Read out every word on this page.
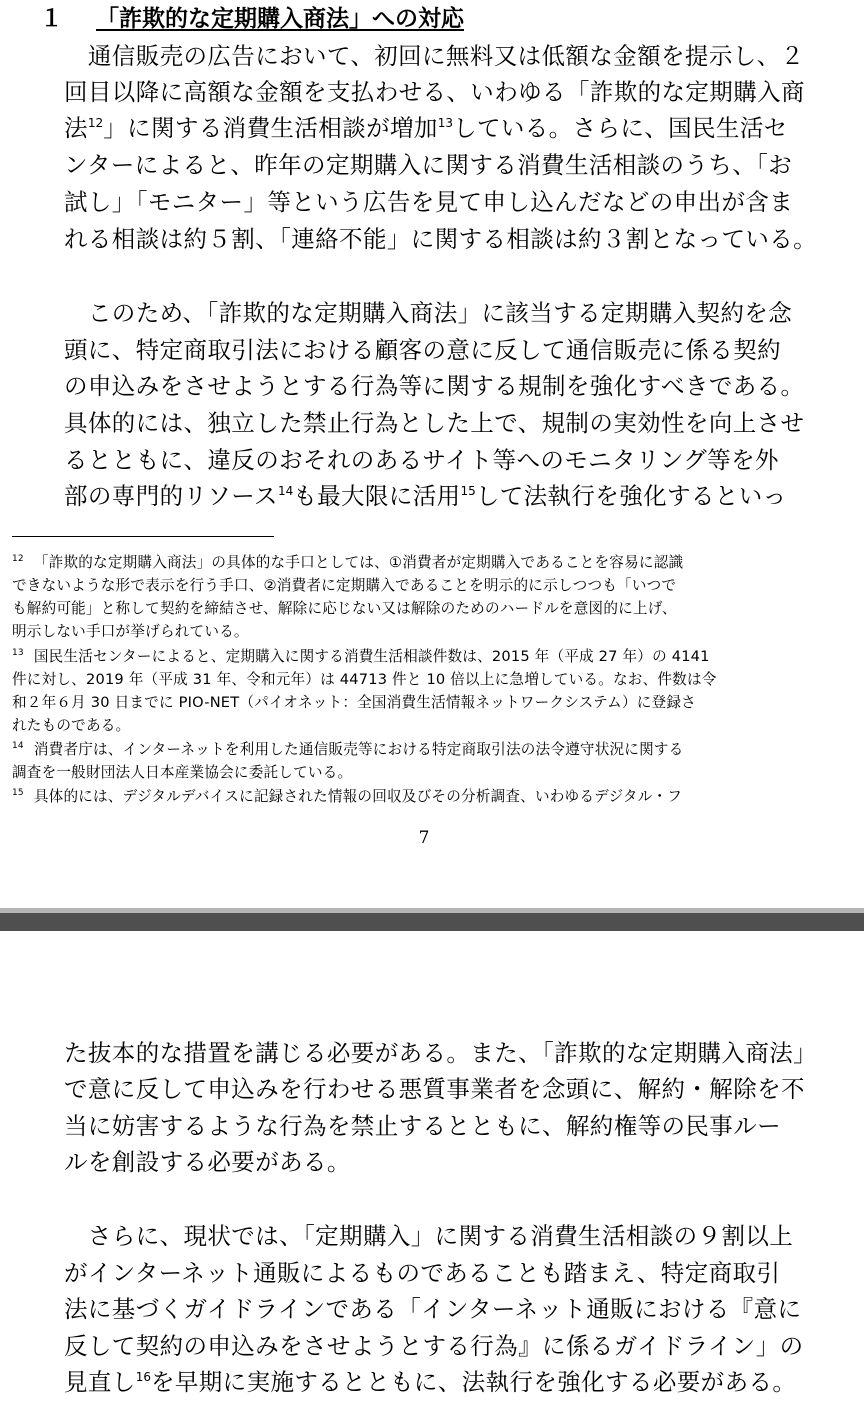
１ 「詐欺的な定期購入商法」への対応

　通信販売の広告において、初回に無料又は低額な金額を提示し、２

回目以降に高額な金額を支払わせる、いわゆる「詐欺的な定期購入商

法$^{12}$」に関する消費生活相談が増加$^{13}$している。さらに、国民生活セ

ンターによると、昨年の定期購入に関する消費生活相談のうち、「お

試し」「モニター」等という広告を見て申し込んだなどの申出が含ま

れる相談は約５割、「連絡不能」に関する相談は約３割となっている。

　このため、「詐欺的な定期購入商法」に該当する定期購入契約を念

頭に、特定商取引法における顧客の意に反して通信販売に係る契約

の申込みをさせようとする行為等に関する規制を強化すべきである。

具体的には、独立した禁止行為とした上で、規制の実効性を向上させ

るとともに、違反のおそれのあるサイト等へのモニタリング等を外

部の専門的リソース$^{14}$も最大限に活用$^{15}$して法執行を強化するといっ

$^{12}$ 「詐欺的な定期購入商法」の具体的な手口としては、①消費者が定期購入であることを容易に認識

できないような形で表示を行う手口、②消費者に定期購入であることを明示的に示しつつも「いつで

も解約可能」と称して契約を締結させ、解除に応じない又は解除のためのハードルを意図的に上げ、

明示しない手口が挙げられている。

$^{13}$ 国民生活センターによると、定期購入に関する消費生活相談件数は、2015 年（平成 27 年）の 4141

件に対し、2019 年（平成 31 年、令和元年）は 44713 件と 10 倍以上に急増している。なお、件数は令

和２年６月 30 日までに PIO-NET（パイオネット：全国消費生活情報ネットワークシステム）に登録さ

れたものである。

$^{14}$ 消費者庁は、インターネットを利用した通信販売等における特定商取引法の法令遵守状況に関する

調査を一般財団法人日本産業協会に委託している。

$^{15}$ 具体的には、デジタルデバイスに記録された情報の回収及びその分析調査、いわゆるデジタル・フ

7

た抜本的な措置を講じる必要がある。また、「詐欺的な定期購入商法」

で意に反して申込みを行わせる悪質事業者を念頭に、解約・解除を不

当に妨害するような行為を禁止するとともに、解約権等の民事ルー

ルを創設する必要がある。

　さらに、現状では、「定期購入」に関する消費生活相談の９割以上

がインターネット通販によるものであることも踏まえ、特定商取引

法に基づくガイドラインである「インターネット通販における『意に

反して契約の申込みをさせようとする行為』に係るガイドライン」の

見直し$^{16}$を早期に実施するとともに、法執行を強化する必要がある。
